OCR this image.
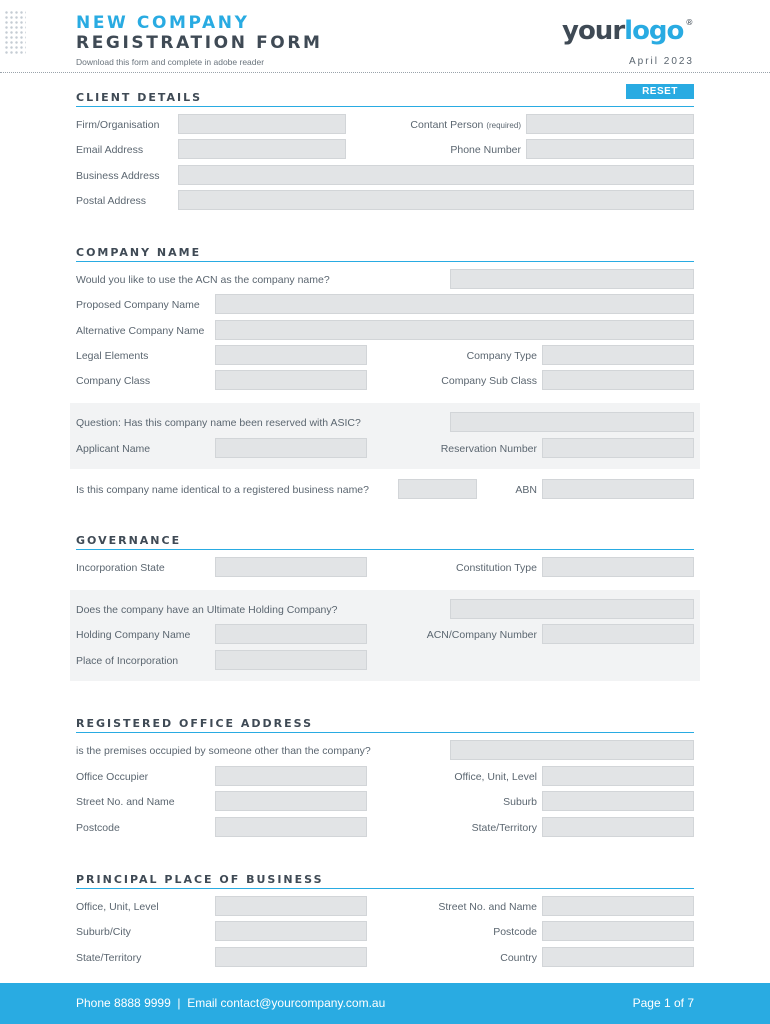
NEW COMPANY
REGISTRATION FORM
Download this form and complete in adobe reader
yourlogo ®
April 2023
RESET
CLIENT DETAILS
Firm/Organisation	Contant Person (required)
Email Address	Phone Number
Business Address
Postal Address
COMPANY NAME
Would you like to use the ACN as the company name?
Proposed Company Name
Alternative Company Name
Legal Elements	Company Type
Company Class	Company Sub Class
Question: Has this company name been reserved with ASIC?
Applicant Name	Reservation Number
Is this company name identical to a registered business name?	ABN
GOVERNANCE
Incorporation State	Constitution Type
Does the company have an Ultimate Holding Company?
Holding Company Name	ACN/Company Number
Place of Incorporation
REGISTERED OFFICE ADDRESS
is the premises occupied by someone other than the company?
Office Occupier	Office, Unit, Level
Street No. and Name	Suburb
Postcode	State/Territory
PRINCIPAL PLACE OF BUSINESS
Office, Unit, Level	Street No. and Name
Suburb/City	Postcode
State/Territory	Country
Phone 8888 9999  |  Email contact@yourcompany.com.au	Page 1 of 7
